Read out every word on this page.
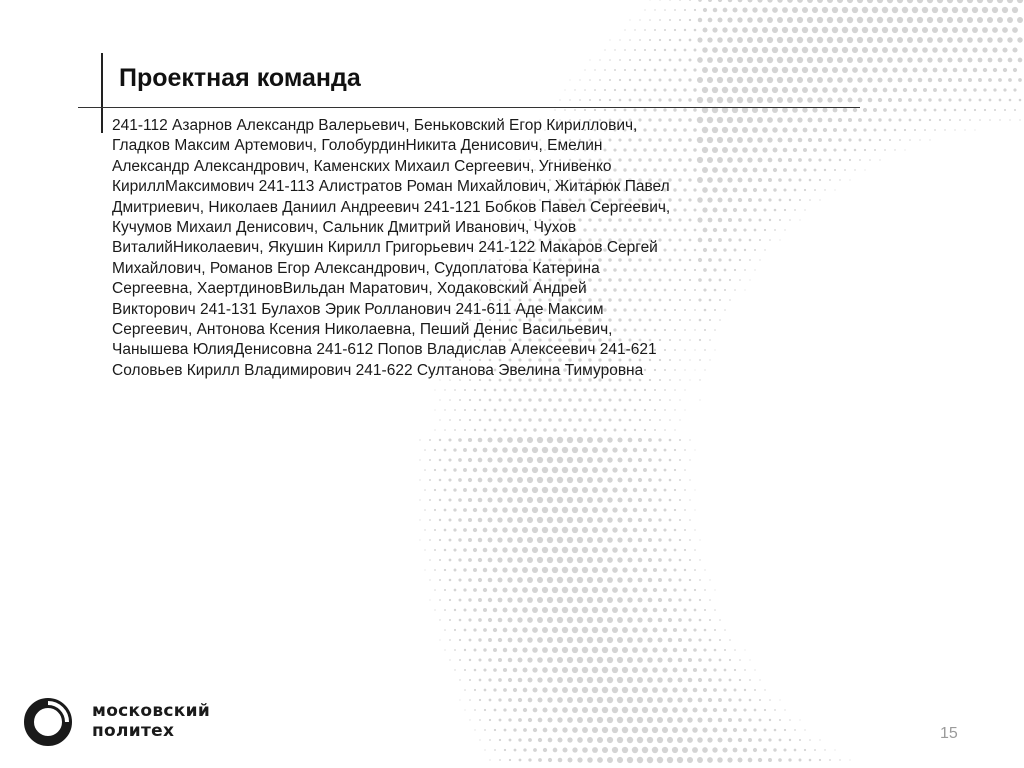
Проектная команда

241-112 Азарнов Александр Валерьевич, Беньковский Егор Кириллович, Гладков Максим Артемович, ГолобурдинНикита Денисович, Емелин Александр Александрович, Каменских Михаил Сергеевич, Угнивенко КириллМаксимович 241-113 Алистратов Роман Михайлович, Житарюк Павел Дмитриевич, Николаев Даниил Андреевич 241-121 Бобков Павел Сергеевич, Кучумов Михаил Денисович, Сальник Дмитрий Иванович, Чухов ВиталийНиколаевич, Якушин Кирилл Григорьевич 241-122 Макаров Сергей Михайлович, Романов Егор Александрович, Судоплатова Катерина Сергеевна, ХаертдиновВильдан Маратович, Ходаковский Андрей Викторович 241-131 Булахов Эрик Ролланович 241-611 Аде Максим Сергеевич, Антонова Ксения Николаевна, Пеший Денис Васильевич, Чанышева ЮлияДенисовна 241-612 Попов Владислав Алексеевич 241-621 Соловьев Кирилл Владимирович 241-622 Султанова Эвелина Тимуровна

московский
политех	15
